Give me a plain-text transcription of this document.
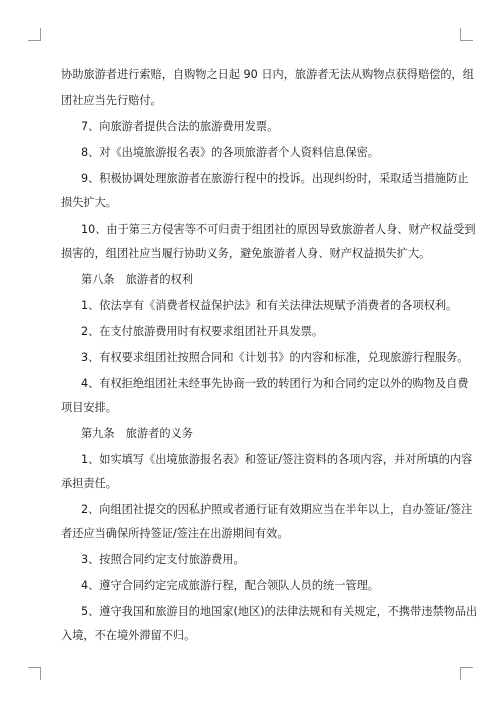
协助旅游者进行索赔，自购物之日起 90 日内，旅游者无法从购物点获得赔偿的，组
团社应当先行赔付。
7、向旅游者提供合法的旅游费用发票。
8、对《出境旅游报名表》的各项旅游者个人资料信息保密。
9、积极协调处理旅游者在旅游行程中的投诉。出现纠纷时，采取适当措施防止
损失扩大。
10、由于第三方侵害等不可归责于组团社的原因导致旅游者人身、财产权益受到
损害的，组团社应当履行协助义务，避免旅游者人身、财产权益损失扩大。
第八条　旅游者的权利
1、依法享有《消费者权益保护法》和有关法律法规赋予消费者的各项权利。
2、在支付旅游费用时有权要求组团社开具发票。
3、有权要求组团社按照合同和《计划书》的内容和标准，兑现旅游行程服务。
4、有权拒绝组团社未经事先协商一致的转团行为和合同约定以外的购物及自费
项目安排。
第九条　旅游者的义务
1、如实填写《出境旅游报名表》和签证/签注资料的各项内容，并对所填的内容
承担责任。
2、向组团社提交的因私护照或者通行证有效期应当在半年以上，自办签证/签注
者还应当确保所持签证/签注在出游期间有效。
3、按照合同约定支付旅游费用。
4、遵守合同约定完成旅游行程，配合领队人员的统一管理。
5、遵守我国和旅游目的地国家(地区)的法律法规和有关规定，不携带违禁物品出
入境，不在境外滞留不归。
